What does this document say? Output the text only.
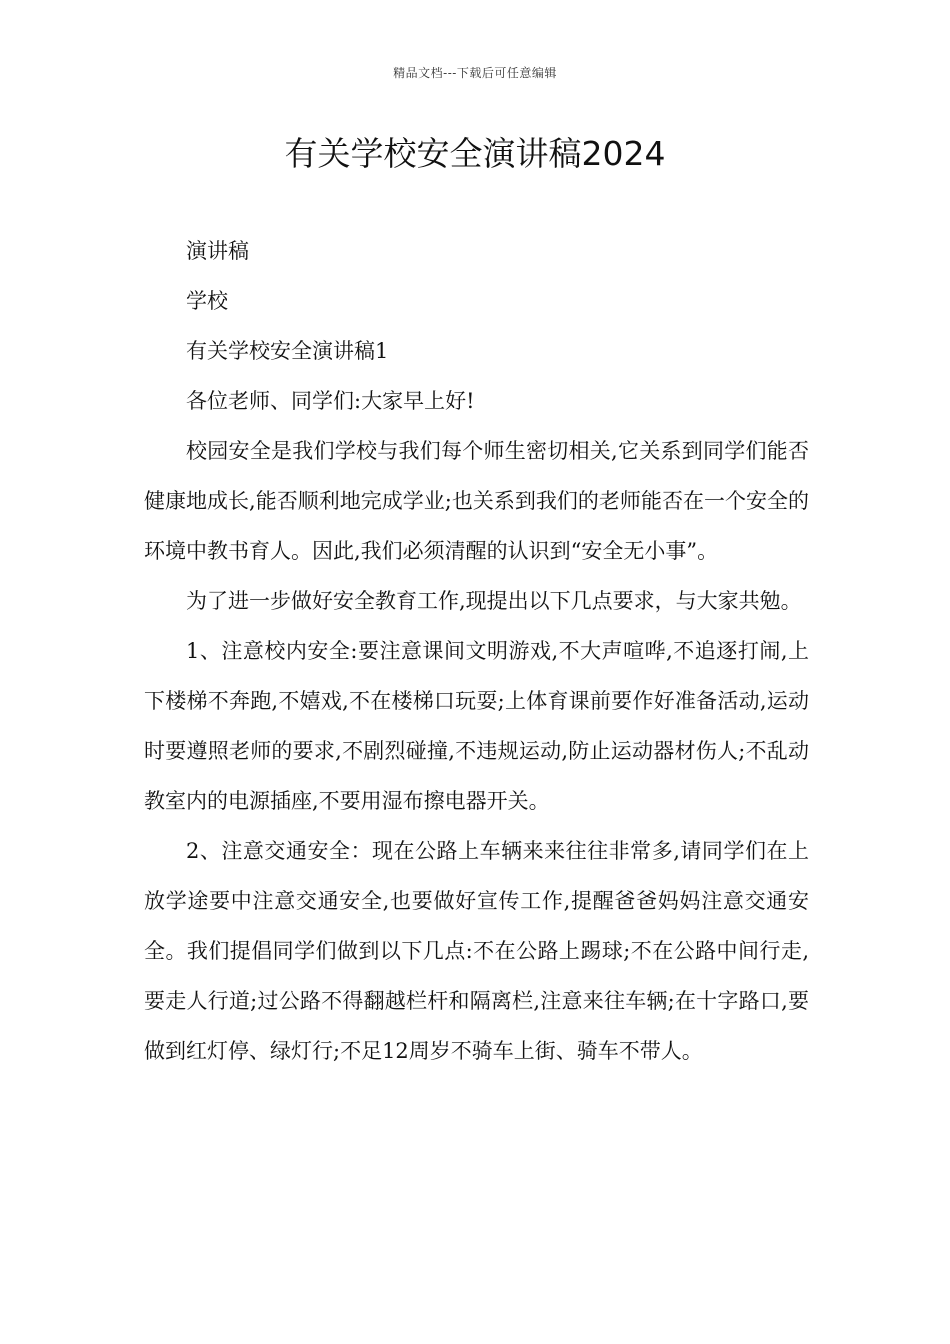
精品文档---下载后可任意编辑
有关学校安全演讲稿2024

演讲稿

学校

有关学校安全演讲稿1

各位老师、同学们:大家早上好!

校园安全是我们学校与我们每个师生密切相关,它关系到同学们能否健康地成长,能否顺利地完成学业;也关系到我们的老师能否在一个安全的环境中教书育人。因此,我们必须清醒的认识到“安全无小事”。

为了进一步做好安全教育工作,现提出以下几点要求，与大家共勉。

1、注意校内安全:要注意课间文明游戏,不大声喧哗,不追逐打闹,上下楼梯不奔跑,不嬉戏,不在楼梯口玩耍;上体育课前要作好准备活动,运动时要遵照老师的要求,不剧烈碰撞,不违规运动,防止运动器材伤人;不乱动教室内的电源插座,不要用湿布擦电器开关。

2、注意交通安全：现在公路上车辆来来往往非常多,请同学们在上放学途要中注意交通安全,也要做好宣传工作,提醒爸爸妈妈注意交通安全。我们提倡同学们做到以下几点:不在公路上踢球;不在公路中间行走,要走人行道;过公路不得翻越栏杆和隔离栏,注意来往车辆;在十字路口,要做到红灯停、绿灯行;不足12周岁不骑车上街、骑车不带人。
